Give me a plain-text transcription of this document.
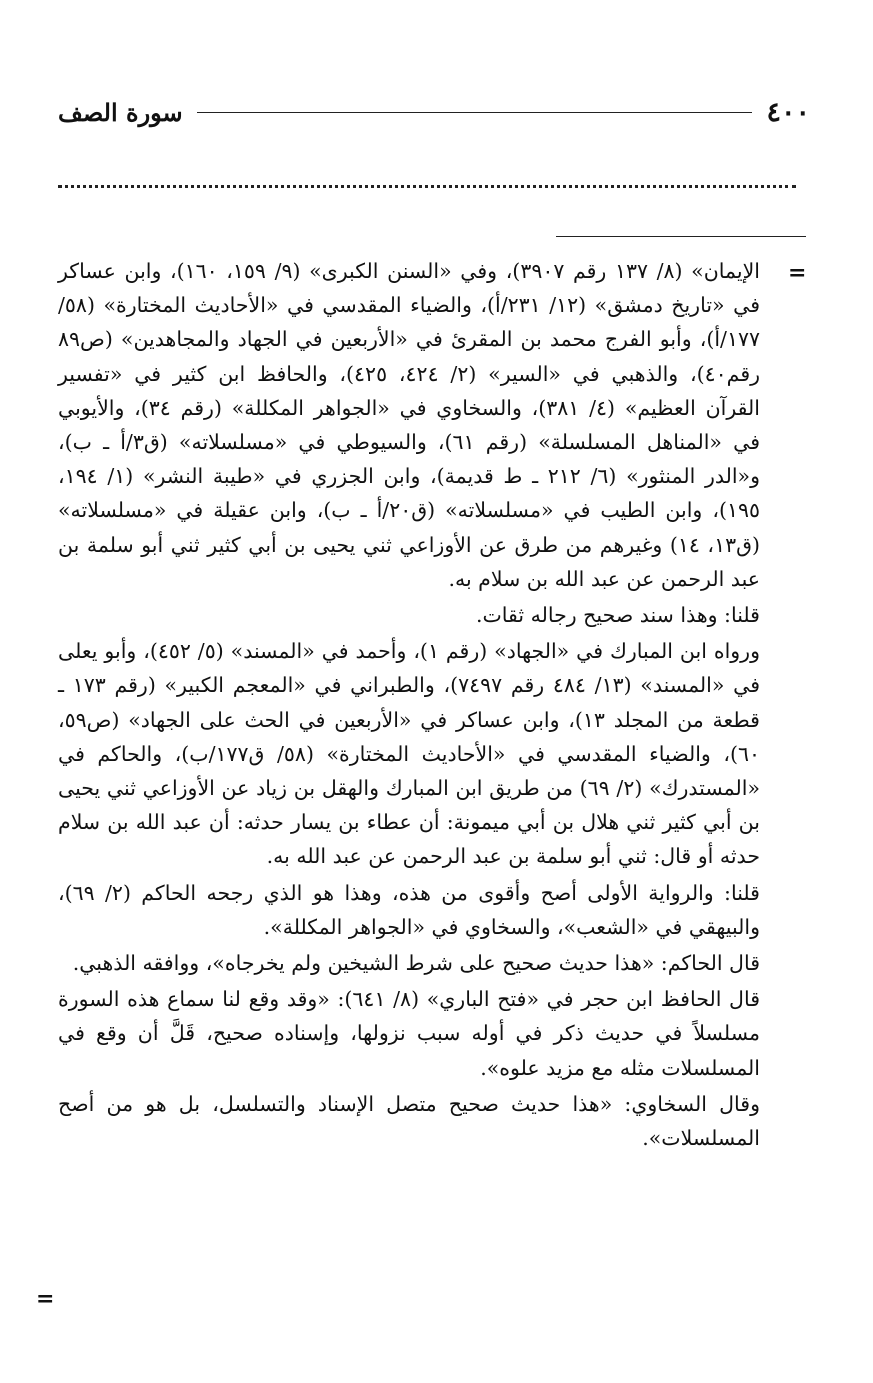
٤٠٠
سورة الصف
=

الإيمان» (٨/ ١٣٧ رقم ٣٩٠٧)، وفي «السنن الكبرى» (٩/ ١٥٩، ١٦٠)، وابن عساكر في «تاريخ دمشق» (١٢/ ٢٣١/أ)، والضياء المقدسي في «الأحاديث المختارة» (٥٨/ ١٧٧/أ)، وأبو الفرج محمد بن المقرئ في «الأربعين في الجهاد والمجاهدين» (ص٨٩ رقم٤٠)، والذهبي في «السير» (٢/ ٤٢٤، ٤٢٥)، والحافظ ابن كثير في «تفسير القرآن العظيم» (٤/ ٣٨١)، والسخاوي في «الجواهر المكللة» (رقم ٣٤)، والأيوبي في «المناهل المسلسلة» (رقم ٦١)، والسيوطي في «مسلسلاته» (ق٣/أ ـ ب)، و«الدر المنثور» (٦/ ٢١٢ ـ ط قديمة)، وابن الجزري في «طيبة النشر» (١/ ١٩٤، ١٩٥)، وابن الطيب في «مسلسلاته» (ق٢٠/أ ـ ب)، وابن عقيلة في «مسلسلاته» (ق١٣، ١٤) وغيرهم من طرق عن الأوزاعي ثني يحيى بن أبي كثير ثني أبو سلمة بن عبد الرحمن عن عبد الله بن سلام به.

قلنا: وهذا سند صحيح رجاله ثقات.

ورواه ابن المبارك في «الجهاد» (رقم ١)، وأحمد في «المسند» (٥/ ٤٥٢)، وأبو يعلى في «المسند» (١٣/ ٤٨٤ رقم ٧٤٩٧)، والطبراني في «المعجم الكبير» (رقم ١٧٣ ـ قطعة من المجلد ١٣)، وابن عساكر في «الأربعين في الحث على الجهاد» (ص٥٩، ٦٠)، والضياء المقدسي في «الأحاديث المختارة» (٥٨/ ق١٧٧/ب)، والحاكم في «المستدرك» (٢/ ٦٩) من طريق ابن المبارك والهقل بن زياد عن الأوزاعي ثني يحيى بن أبي كثير ثني هلال بن أبي ميمونة: أن عطاء بن يسار حدثه: أن عبد الله بن سلام حدثه أو قال: ثني أبو سلمة بن عبد الرحمن عن عبد الله به.

قلنا: والرواية الأولى أصح وأقوى من هذه، وهذا هو الذي رجحه الحاكم (٢/ ٦٩)، والبيهقي في «الشعب»، والسخاوي في «الجواهر المكللة».

قال الحاكم: «هذا حديث صحيح على شرط الشيخين ولم يخرجاه»، ووافقه الذهبي.

قال الحافظ ابن حجر في «فتح الباري» (٨/ ٦٤١): «وقد وقع لنا سماع هذه السورة مسلسلاً في حديث ذكر في أوله سبب نزولها، وإسناده صحيح، قَلَّ أن وقع في المسلسلات مثله مع مزيد علوه».

وقال السخاوي: «هذا حديث صحيح متصل الإسناد والتسلسل، بل هو من أصح المسلسلات».

=
